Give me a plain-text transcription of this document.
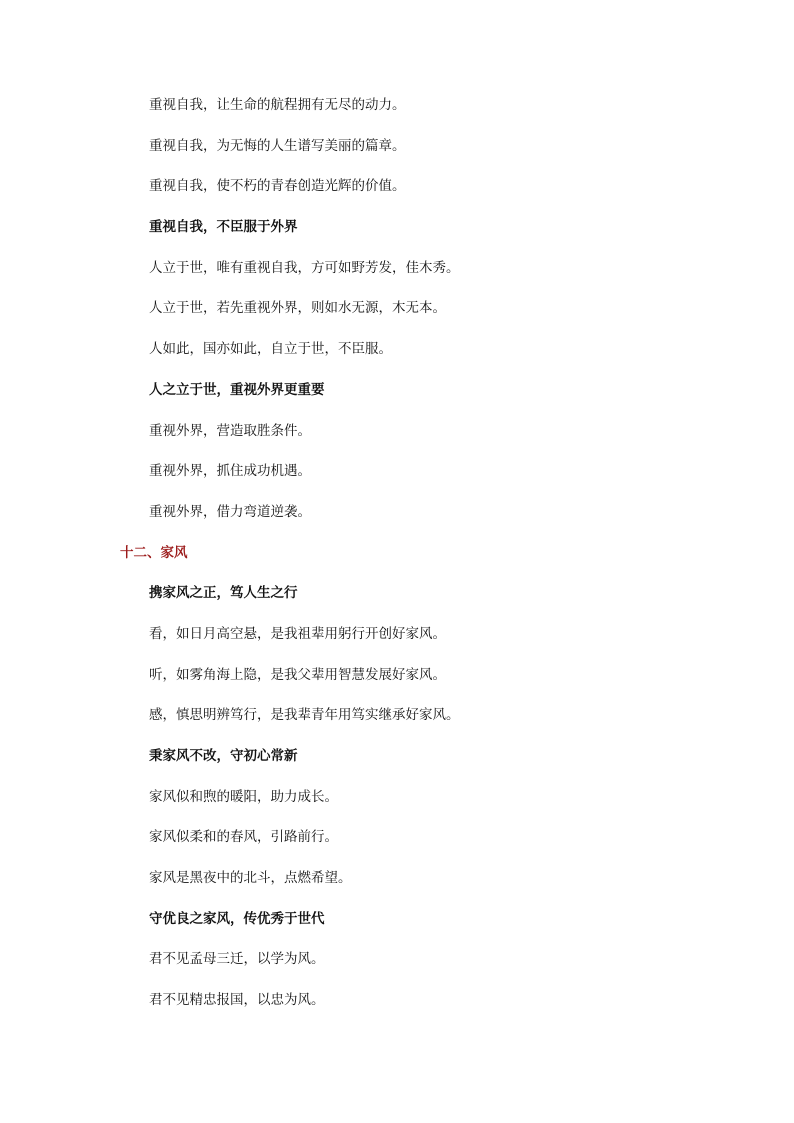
重视自我，让生命的航程拥有无尽的动力。
重视自我，为无悔的人生谱写美丽的篇章。
重视自我，使不朽的青春创造光辉的价值。
重视自我，不臣服于外界
人立于世，唯有重视自我，方可如野芳发，佳木秀。
人立于世，若先重视外界，则如水无源，木无本。
人如此，国亦如此，自立于世，不臣服。
人之立于世，重视外界更重要
重视外界，营造取胜条件。
重视外界，抓住成功机遇。
重视外界，借力弯道逆袭。
十二、家风
携家风之正，笃人生之行
看，如日月高空悬，是我祖辈用躬行开创好家风。
听，如雾角海上隐，是我父辈用智慧发展好家风。
感，慎思明辨笃行，是我辈青年用笃实继承好家风。
秉家风不改，守初心常新
家风似和煦的暖阳，助力成长。
家风似柔和的春风，引路前行。
家风是黑夜中的北斗，点燃希望。
守优良之家风，传优秀于世代
君不见孟母三迁，以学为风。
君不见精忠报国，以忠为风。
